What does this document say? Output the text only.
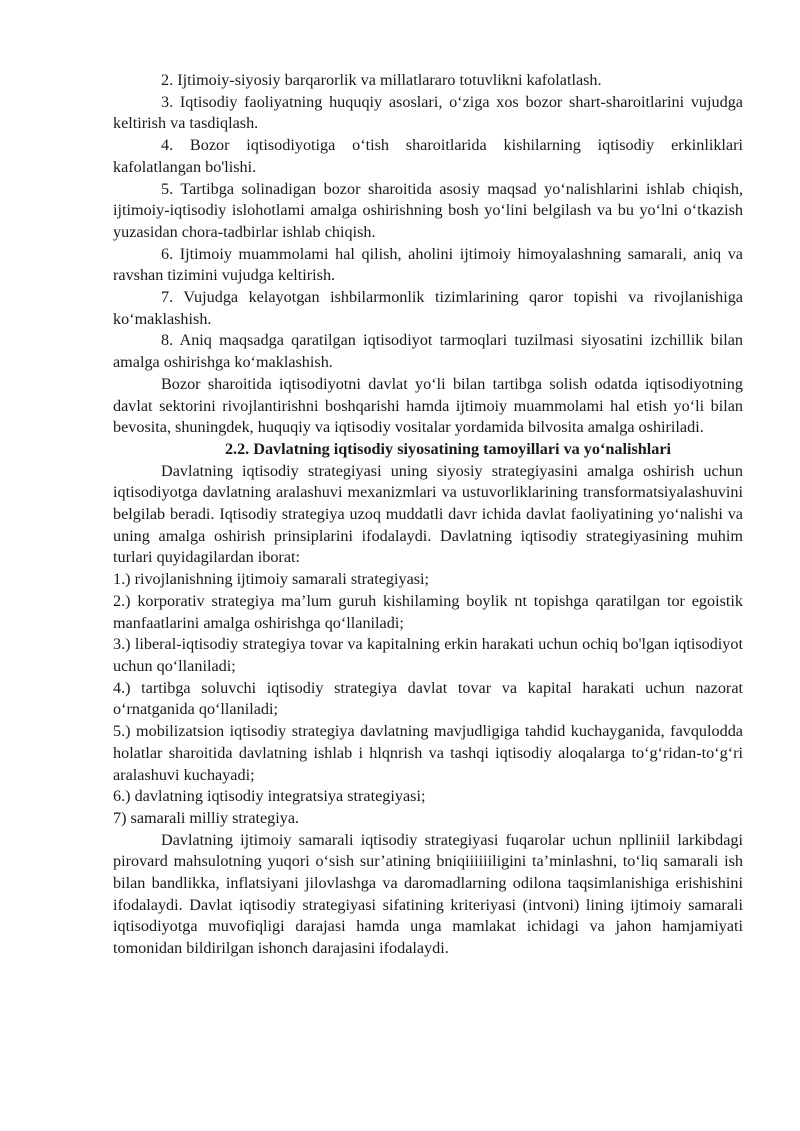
2. Ijtimoiy-siyosiy barqarorlik va millatlararo totuvlikni kafolatlash.

3. Iqtisodiy faoliyatning huquqiy asoslari, o‘ziga xos bozor shart-sharoitlarini vujudga keltirish va tasdiqlash.

4. Bozor iqtisodiyotiga o‘tish sharoitlarida kishilarning iqtisodiy erkinliklari kafolatlangan bo'lishi.

5. Tartibga solinadigan bozor sharoitida asosiy maqsad yo‘nalishlarini ishlab chiqish, ijtimoiy-iqtisodiy islohotlami amalga oshirishning bosh yo‘lini belgilash va bu yo‘lni o‘tkazish yuzasidan chora-tadbirlar ishlab chiqish.

6. Ijtimoiy muammolami hal qilish, aholini ijtimoiy himoyalashning samarali, aniq va ravshan tizimini vujudga keltirish.

7. Vujudga kelayotgan ishbilarmonlik tizimlarining qaror topishi va rivojlanishiga ko‘maklashish.

8. Aniq maqsadga qaratilgan iqtisodiyot tarmoqlari tuzilmasi siyosatini izchillik bilan amalga oshirishga ko‘maklashish.

Bozor sharoitida iqtisodiyotni davlat yo‘li bilan tartibga solish odatda iqtisodiyotning davlat sektorini rivojlantirishni boshqarishi hamda ijtimoiy muammolami hal etish yo‘li bilan bevosita, shuningdek, huquqiy va iqtisodiy vositalar yordamida bilvosita amalga oshiriladi.

2.2. Davlatning iqtisodiy siyosatining tamoyillari va yo‘nalishlari

Davlatning iqtisodiy strategiyasi uning siyosiy strategiyasini amalga oshirish uchun iqtisodiyotga davlatning aralashuvi mexanizmlari va ustuvorliklarining transformatsiyalashuvini belgilab beradi. Iqtisodiy strategiya uzoq muddatli davr ichida davlat faoliyatining yo‘nalishi va uning amalga oshirish prinsiplarini ifodalaydi. Davlatning iqtisodiy strategiyasining muhim turlari quyidagilardan iborat:

1.) rivojlanishning ijtimoiy samarali strategiyasi;

2.) korporativ strategiya ma’lum guruh kishilaming boylik nt topishga qaratilgan tor egoistik manfaatlarini amalga oshirishga qo‘llaniladi;

3.) liberal-iqtisodiy strategiya tovar va kapitalning erkin harakati uchun ochiq bo'lgan iqtisodiyot uchun qo‘llaniladi;

4.) tartibga soluvchi iqtisodiy strategiya davlat tovar va kapital harakati uchun nazorat o‘rnatganida qo‘llaniladi;

5.) mobilizatsion iqtisodiy strategiya davlatning mavjudligiga tahdid kuchayganida, favqulodda holatlar sharoitida davlatning ishlab i hlqnrish va tashqi iqtisodiy aloqalarga to‘g‘ridan-to‘g‘ri aralashuvi kuchayadi;

6.) davlatning iqtisodiy integratsiya strategiyasi;

7) samarali milliy strategiya.

Davlatning ijtimoiy samarali iqtisodiy strategiyasi fuqarolar uchun nplliniil larkibdagi pirovard mahsulotning yuqori o‘sish sur’atining bniqiiiiiiligini ta’minlashni, to‘liq samarali ish bilan bandlikka, inflatsiyani jilovlashga va daromadlarning odilona taqsimlanishiga erishishini ifodalaydi. Davlat iqtisodiy strategiyasi sifatining kriteriyasi (intvoni) lining ijtimoiy samarali iqtisodiyotga muvofiqligi darajasi hamda unga mamlakat ichidagi va jahon hamjamiyati tomonidan bildirilgan ishonch darajasini ifodalaydi.
